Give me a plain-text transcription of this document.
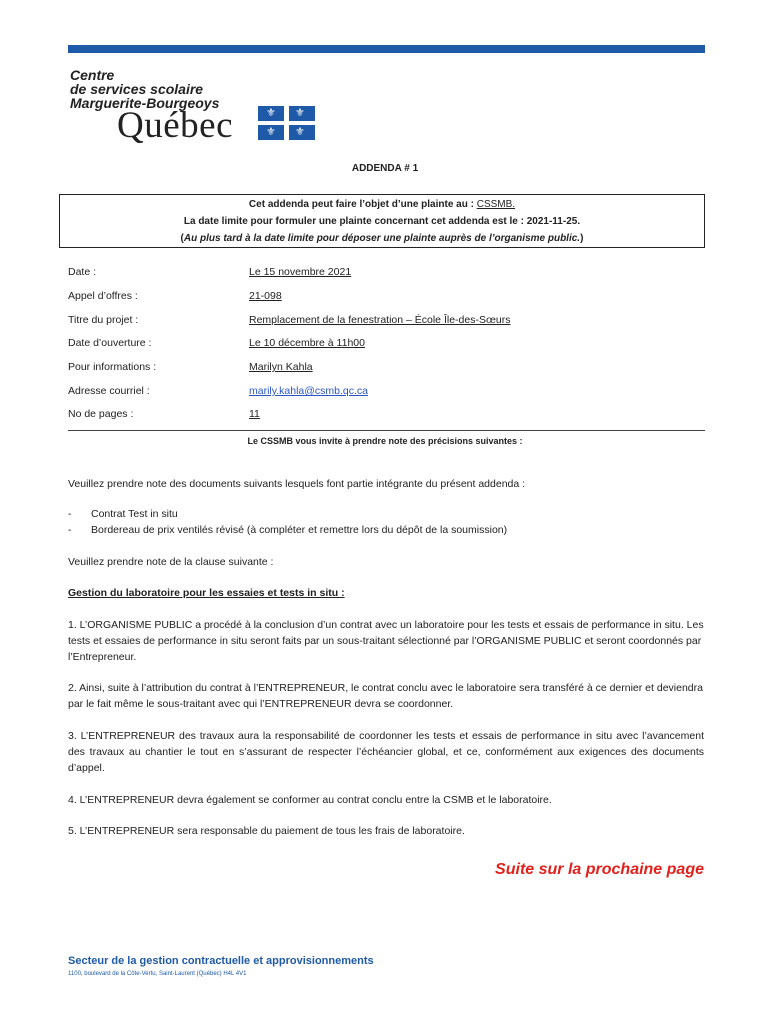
Centre
de services scolaire
Marguerite-Bourgeoys
Québec	⚜ ⚜
⚜ ⚜
ADDENDA # 1
Cet addenda peut faire l’objet d’une plainte au : CSSMB.
La date limite pour formuler une plainte concernant cet addenda est le : 2021-11-25.
(Au plus tard à la date limite pour déposer une plainte auprès de l’organisme public.)
Date :	Le 15 novembre 2021
Appel d’offres :	21-098
Titre du projet :	Remplacement de la fenestration – École Île-des-Sœurs
Date d’ouverture :	Le 10 décembre à 11h00
Pour informations :	Marilyn Kahla
Adresse courriel :	marily.kahla@csmb.qc.ca
No de pages :	11
Le CSSMB vous invite à prendre note des précisions suivantes :
Veuillez prendre note des documents suivants lesquels font partie intégrante du présent addenda :
- Contrat Test in situ
- Bordereau de prix ventilés révisé (à compléter et remettre lors du dépôt de la soumission)
Veuillez prendre note de la clause suivante :
Gestion du laboratoire pour les essaies et tests in situ :
1. L’ORGANISME PUBLIC a procédé à la conclusion d’un contrat avec un laboratoire pour les tests et essais de performance in situ. Les tests et essaies de performance in situ seront faits par un sous-traitant sélectionné par l’ORGANISME PUBLIC et seront coordonnés par l’Entrepreneur.
2. Ainsi, suite à l’attribution du contrat à l’ENTREPRENEUR, le contrat conclu avec le laboratoire sera transféré à ce dernier et deviendra par le fait même le sous-traitant avec qui l’ENTREPRENEUR devra se coordonner.
3. L’ENTREPRENEUR des travaux aura la responsabilité de coordonner les tests et essais de performance in situ avec l’avancement des travaux au chantier le tout en s’assurant de respecter l’échéancier global, et ce, conformément aux exigences des documents d’appel.
4. L’ENTREPRENEUR devra également se conformer au contrat conclu entre la CSMB et le laboratoire.
5. L’ENTREPRENEUR sera responsable du paiement de tous les frais de laboratoire.
Suite sur la prochaine page
Secteur de la gestion contractuelle et approvisionnements
1100, boulevard de la Côte-Vertu, Saint-Laurent (Québec) H4L 4V1
